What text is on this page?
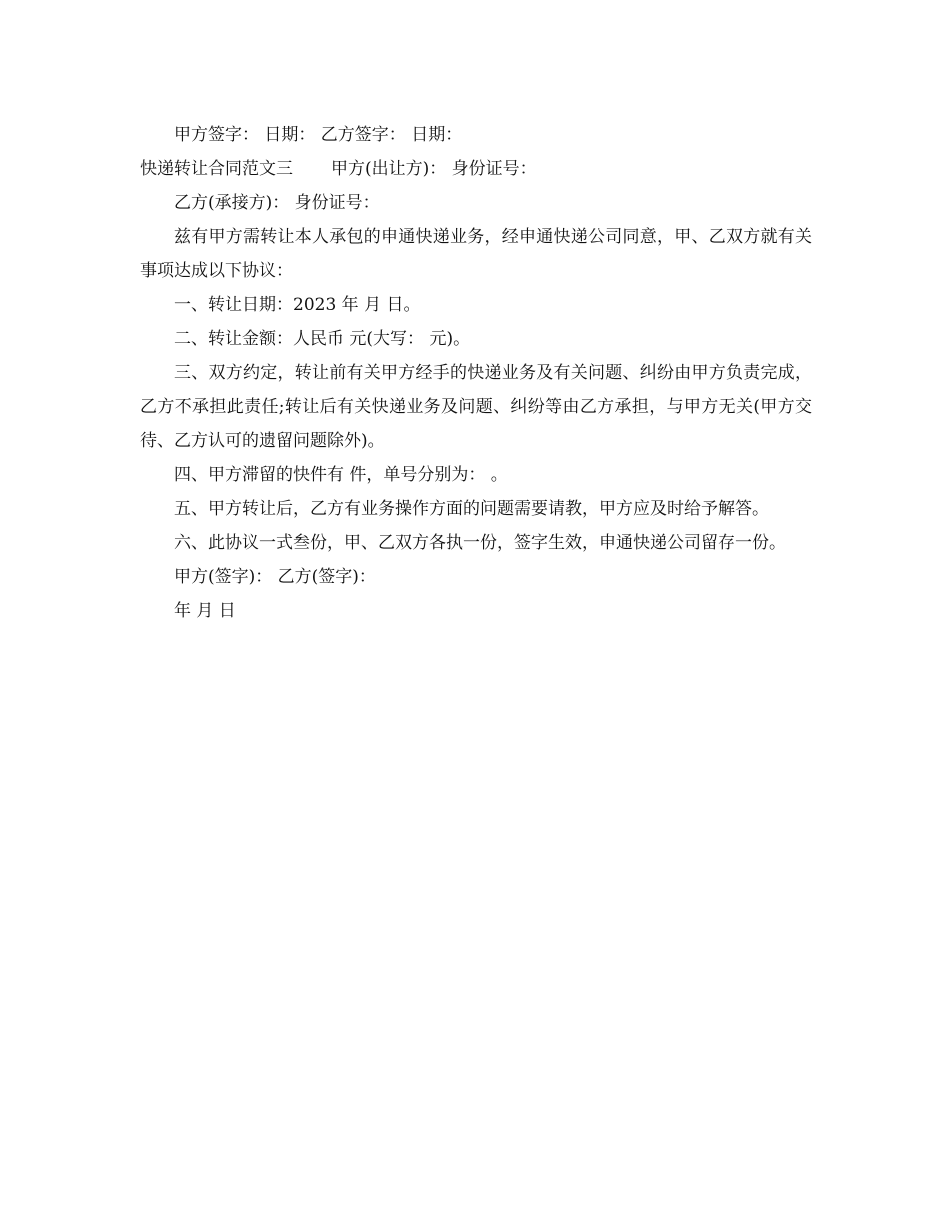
甲方签字： 日期： 乙方签字： 日期：

快递转让合同范文三 甲方(出让方)： 身份证号：

乙方(承接方)： 身份证号：

兹有甲方需转让本人承包的申通快递业务，经申通快递公司同意，甲、乙双方就有关事项达成以下协议：

一、转让日期：2023 年 月 日。

二、转让金额：人民币 元(大写： 元)。

三、双方约定，转让前有关甲方经手的快递业务及有关问题、纠纷由甲方负责完成，乙方不承担此责任;转让后有关快递业务及问题、纠纷等由乙方承担，与甲方无关(甲方交待、乙方认可的遗留问题除外)。

四、甲方滞留的快件有 件，单号分别为： 。

五、甲方转让后，乙方有业务操作方面的问题需要请教，甲方应及时给予解答。

六、此协议一式叁份，甲、乙双方各执一份，签字生效，申通快递公司留存一份。

甲方(签字)： 乙方(签字)：

年 月 日
